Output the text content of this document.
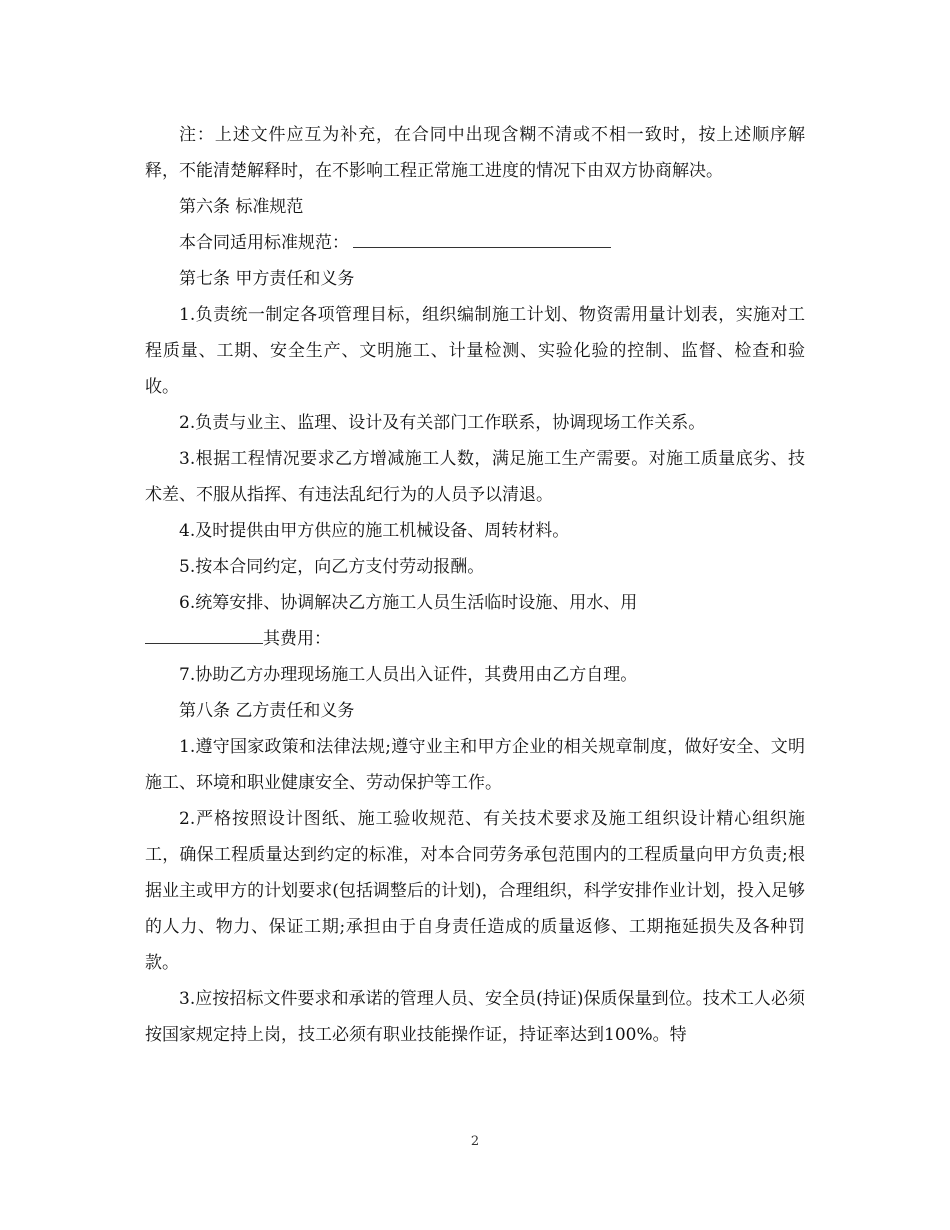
注：上述文件应互为补充，在合同中出现含糊不清或不相一致时，按上述顺序解释，不能清楚解释时，在不影响工程正常施工进度的情况下由双方协商解决。

第六条 标准规范

本合同适用标准规范：

第七条 甲方责任和义务

1.负责统一制定各项管理目标，组织编制施工计划、物资需用量计划表，实施对工程质量、工期、安全生产、文明施工、计量检测、实验化验的控制、监督、检查和验收。

2.负责与业主、监理、设计及有关部门工作联系，协调现场工作关系。

3.根据工程情况要求乙方增减施工人数，满足施工生产需要。对施工质量底劣、技术差、不服从指挥、有违法乱纪行为的人员予以清退。

4.及时提供由甲方供应的施工机械设备、周转材料。

5.按本合同约定，向乙方支付劳动报酬。

6.统筹安排、协调解决乙方施工人员生活临时设施、用水、用

其费用：

7.协助乙方办理现场施工人员出入证件，其费用由乙方自理。

第八条 乙方责任和义务

1.遵守国家政策和法律法规;遵守业主和甲方企业的相关规章制度，做好安全、文明施工、环境和职业健康安全、劳动保护等工作。

2.严格按照设计图纸、施工验收规范、有关技术要求及施工组织设计精心组织施工，确保工程质量达到约定的标准，对本合同劳务承包范围内的工程质量向甲方负责;根据业主或甲方的计划要求(包括调整后的计划)，合理组织，科学安排作业计划，投入足够的人力、物力、保证工期;承担由于自身责任造成的质量返修、工期拖延损失及各种罚款。

3.应按招标文件要求和承诺的管理人员、安全员(持证)保质保量到位。技术工人必须按国家规定持上岗，技工必须有职业技能操作证，持证率达到100%。特

2
